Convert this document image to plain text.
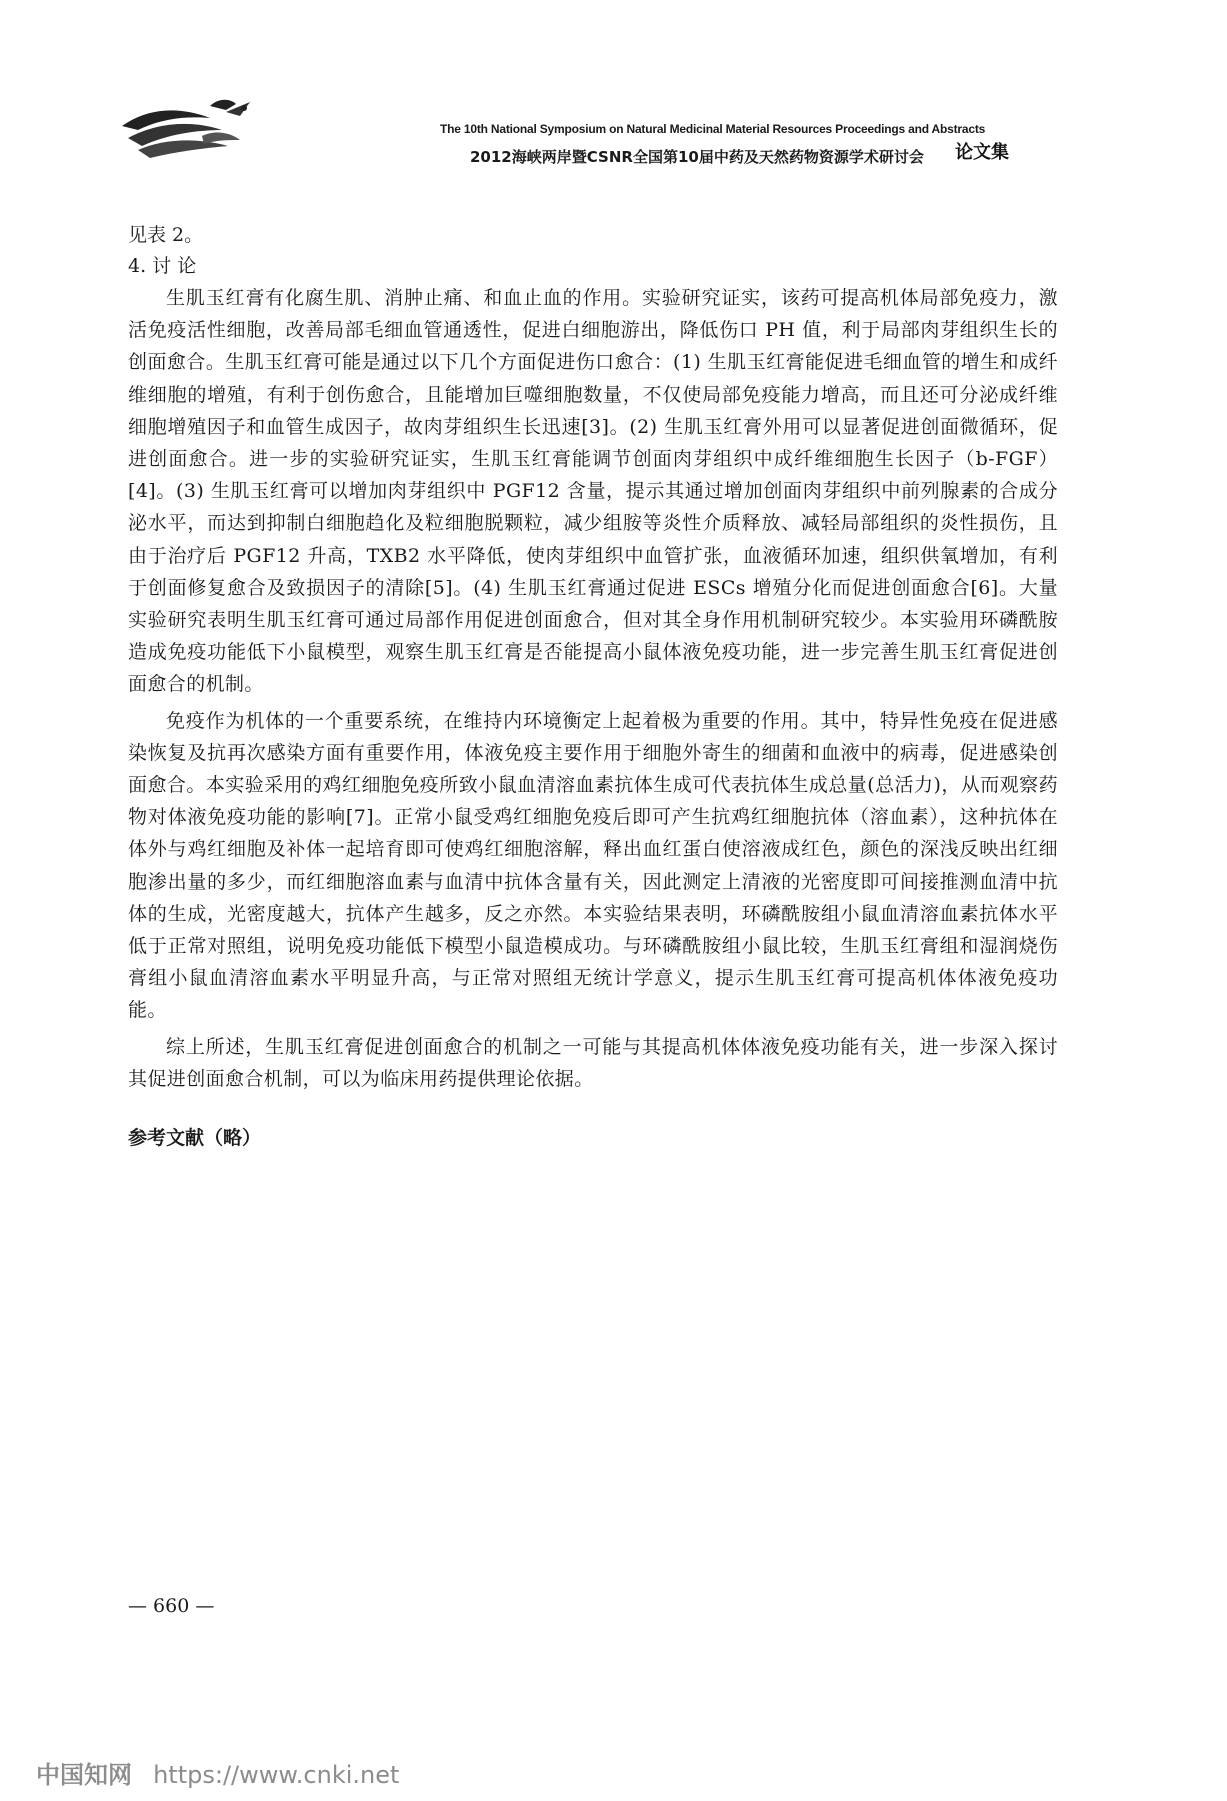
The 10th National Symposium on Natural Medicinal Material Resources Proceedings and Abstracts
2012海峡两岸暨CSNR全国第10届中药及天然药物资源学术研讨会 论文集

见表 2。

4. 讨 论

生肌玉红膏有化腐生肌、消肿止痛、和血止血的作用。实验研究证实，该药可提高机体局部免疫力，激活免疫活性细胞，改善局部毛细血管通透性，促进白细胞游出，降低伤口 PH 值，利于局部肉芽组织生长的创面愈合。生肌玉红膏可能是通过以下几个方面促进伤口愈合：(1) 生肌玉红膏能促进毛细血管的增生和成纤维细胞的增殖，有利于创伤愈合，且能增加巨噬细胞数量，不仅使局部免疫能力增高，而且还可分泌成纤维细胞增殖因子和血管生成因子，故肉芽组织生长迅速[3]。(2) 生肌玉红膏外用可以显著促进创面微循环，促进创面愈合。进一步的实验研究证实，生肌玉红膏能调节创面肉芽组织中成纤维细胞生长因子（b-FGF）[4]。(3) 生肌玉红膏可以增加肉芽组织中 PGF12 含量，提示其通过增加创面肉芽组织中前列腺素的合成分泌水平，而达到抑制白细胞趋化及粒细胞脱颗粒，减少组胺等炎性介质释放、减轻局部组织的炎性损伤，且由于治疗后 PGF12 升高，TXB2 水平降低，使肉芽组织中血管扩张，血液循环加速，组织供氧增加，有利于创面修复愈合及致损因子的清除[5]。(4) 生肌玉红膏通过促进 ESCs 增殖分化而促进创面愈合[6]。大量实验研究表明生肌玉红膏可通过局部作用促进创面愈合，但对其全身作用机制研究较少。本实验用环磷酰胺造成免疫功能低下小鼠模型，观察生肌玉红膏是否能提高小鼠体液免疫功能，进一步完善生肌玉红膏促进创面愈合的机制。

免疫作为机体的一个重要系统，在维持内环境衡定上起着极为重要的作用。其中，特异性免疫在促进感染恢复及抗再次感染方面有重要作用，体液免疫主要作用于细胞外寄生的细菌和血液中的病毒，促进感染创面愈合。本实验采用的鸡红细胞免疫所致小鼠血清溶血素抗体生成可代表抗体生成总量(总活力)，从而观察药物对体液免疫功能的影响[7]。正常小鼠受鸡红细胞免疫后即可产生抗鸡红细胞抗体（溶血素），这种抗体在体外与鸡红细胞及补体一起培育即可使鸡红细胞溶解，释出血红蛋白使溶液成红色，颜色的深浅反映出红细胞渗出量的多少，而红细胞溶血素与血清中抗体含量有关，因此测定上清液的光密度即可间接推测血清中抗体的生成，光密度越大，抗体产生越多，反之亦然。本实验结果表明，环磷酰胺组小鼠血清溶血素抗体水平低于正常对照组，说明免疫功能低下模型小鼠造模成功。与环磷酰胺组小鼠比较，生肌玉红膏组和湿润烧伤膏组小鼠血清溶血素水平明显升高，与正常对照组无统计学意义，提示生肌玉红膏可提高机体体液免疫功能。

综上所述，生肌玉红膏促进创面愈合的机制之一可能与其提高机体体液免疫功能有关，进一步深入探讨其促进创面愈合机制，可以为临床用药提供理论依据。

参考文献（略）

— 660 —
中国知网 https://www.cnki.net
